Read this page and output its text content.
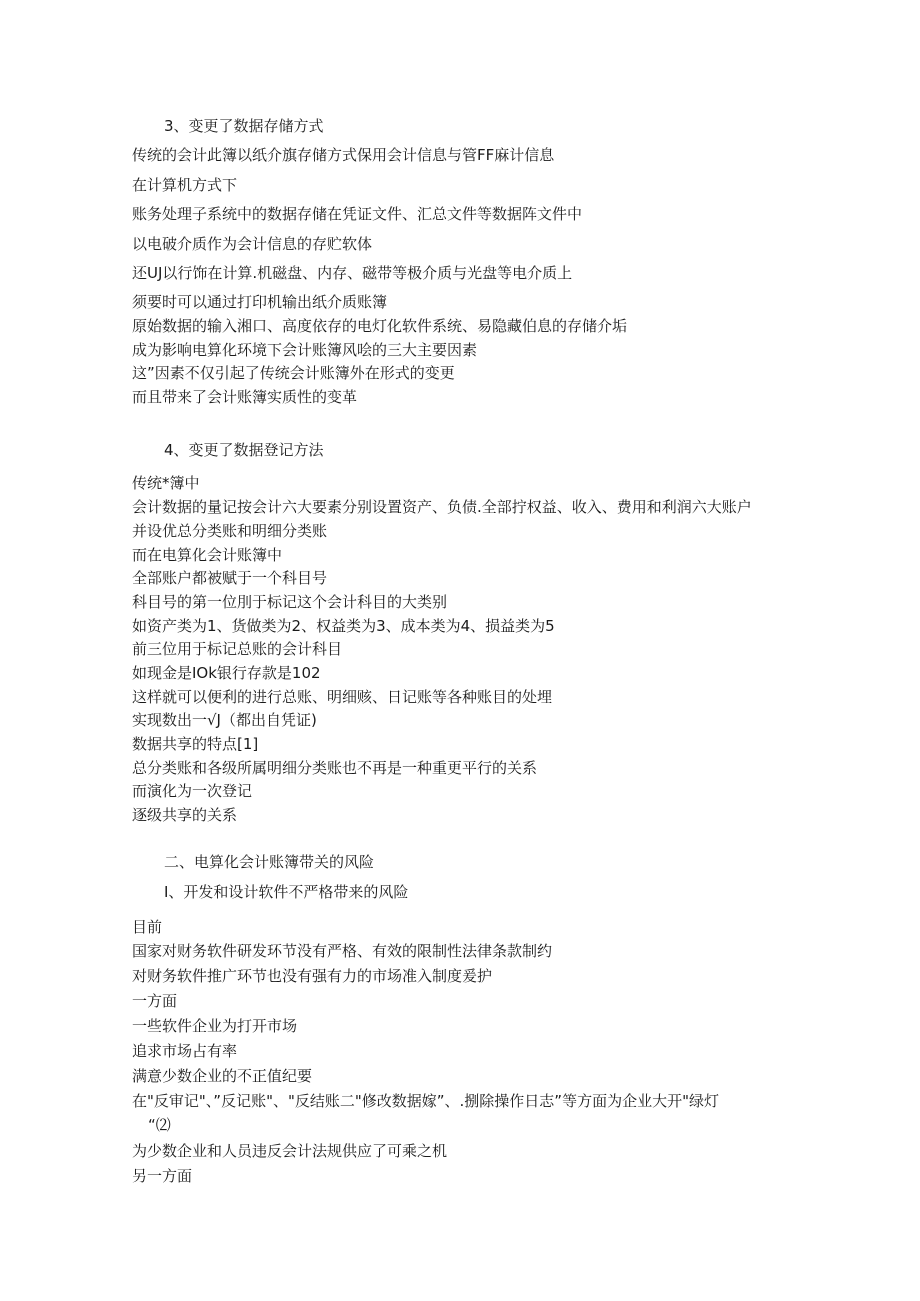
3、变更了数据存储方式
传统的会计此簿以纸介旗存储方式保用会计信息与管FF麻计信息
在计算机方式下
账务处理子系统中的数据存储在凭证文件、汇总文件等数据阵文件中
以电破介质作为会计信息的存贮软体
还UJ以行饰在计算.机磁盘、内存、磁带等极介质与光盘等电介质上
须要时可以通过打印机输出纸介质账簿
原始数据的输入湘口、高度依存的电灯化软件系统、易隐藏伯息的存储介垢
成为影响电算化环境下会计账簿风哙的三大主要因素
这”因素不仅引起了传统会计账簿外在形式的变更
而且带来了会计账簿实质性的变革
4、变更了数据登记方法
传统*簿中
会计数据的量记按会计六大要素分别设置资产、负债.全部拧权益、收入、费用和利润六大账户
并设优总分类账和明细分类账
而在电算化会计账簿中
全部账户都被赋于一个科目号
科目号的第一位刖于标记这个会计科目的大类别
如资产类为1、货做类为2、权益类为3、成本类为4、损益类为5
前三位用于标记总账的会计科目
如现金是IOk银行存款是102
这样就可以便利的进行总账、明细赅、日记账等各种账目的处埋
实现数出一√J（都出自凭证)
数据共享的特点[1]
总分类账和各级所属明细分类账也不再是一种重更平行的关系
而演化为一次登记
逐级共享的关系
二、电算化会计账簿带关的风险
I、开发和设计软件不严格带来的风险
目前
国家对财务软件研发环节没有严格、有效的限制性法律条款制约
对财务软件推广环节也没有强有力的市场准入制度爰护
一方面
一些软件企业为打开市场
追求市场占有率
满意少数企业的不正值纪要
在"反审记"、”反记账"、"反结账二"修改数据嫁”、.捌除操作日志”等方面为企业大开"绿灯
“⑵
为少数企业和人员违反会计法规供应了可乘之机
另一方面
